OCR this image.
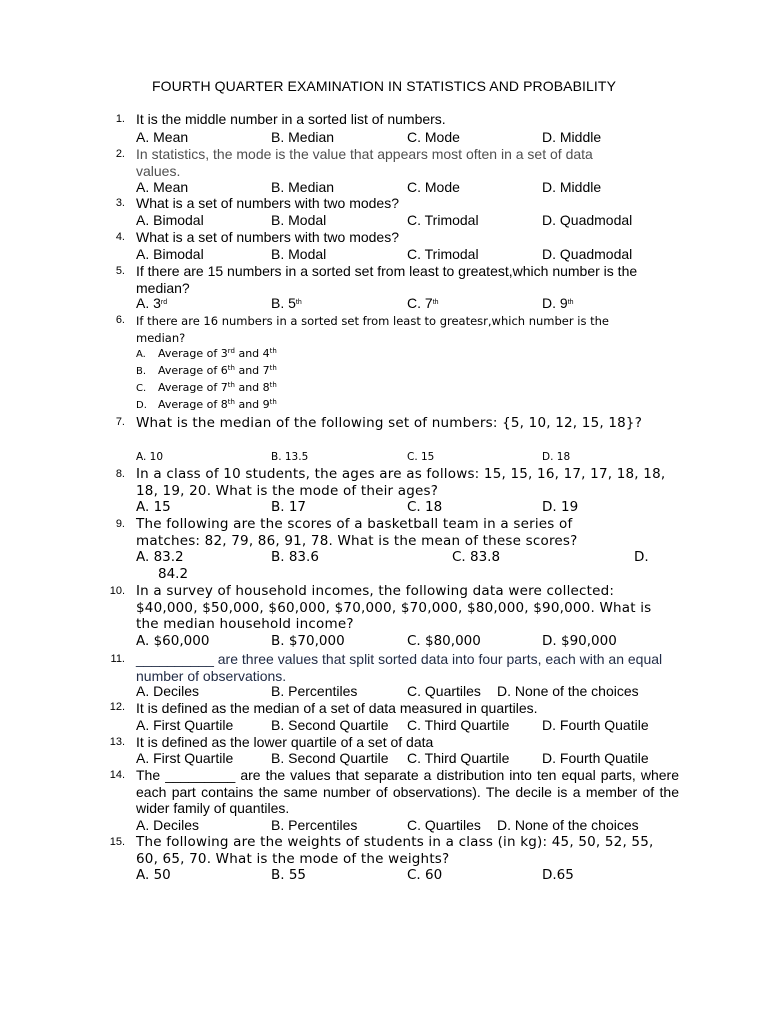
FOURTH QUARTER EXAMINATION IN STATISTICS AND PROBABILITY
1.
2.
3.
4.
5.
6.
7.
8.
9.
10.
11.
12.
13.
14.
15.
It is the middle number in a sorted list of numbers.
A. Mean	B. Median	C. Mode	D. Middle
In statistics, the mode is the value that appears most often in a set of data values.
A. Mean	B. Median	C. Mode	D. Middle
What is a set of numbers with two modes?
A. Bimodal	B. Modal	C. Trimodal	D. Quadmodal
What is a set of numbers with two modes?
A. Bimodal	B. Modal	C. Trimodal	D. Quadmodal
If there are 15 numbers in a sorted set from least to greatest,which number is the median?
A. 3rd	B. 5th	C. 7th	D. 9th
If there are 16 numbers in a sorted set from least to greatesr,which number is the median?
A. Average of 3rd and 4th
B. Average of 6th and 7th
C. Average of 7th and 8th
D. Average of 8th and 9th
What is the median of the following set of numbers: {5, 10, 12, 15, 18}?
A. 10	B. 13.5	C. 15	D. 18
In a class of 10 students, the ages are as follows: 15, 15, 16, 17, 17, 18, 18, 18, 19, 20. What is the mode of their ages?
A. 15	B. 17	C. 18	D. 19
The following are the scores of a basketball team in a series of matches: 82, 79, 86, 91, 78. What is the mean of these scores?
A. 83.2	B. 83.6	C. 83.8	D.
84.2
In a survey of household incomes, the following data were collected: $40,000, $50,000, $60,000, $70,000, $70,000, $80,000, $90,000. What is the median household income?
A. $60,000	B. $70,000	C. $80,000	D. $90,000
__________ are three values that split sorted data into four parts, each with an equal number of observations.
A. Deciles	B. Percentiles	C. Quartiles D. None of the choices
It is defined as the median of a set of data measured in quartiles.
A. First Quartile	B. Second Quartile C. Third Quartile D. Fourth Quatile
It is defined as the lower quartile of a set of data
A. First Quartile	B. Second Quartile C. Third Quartile D. Fourth Quatile
The _________ are the values that separate a distribution into ten equal parts, where each part contains the same number of observations). The decile is a member of the wider family of quantiles.
A. Deciles	B. Percentiles	C. Quartiles D. None of the choices
The following are the weights of students in a class (in kg): 45, 50, 52, 55, 60, 65, 70. What is the mode of the weights?
A. 50	B. 55	C. 60	D.65
